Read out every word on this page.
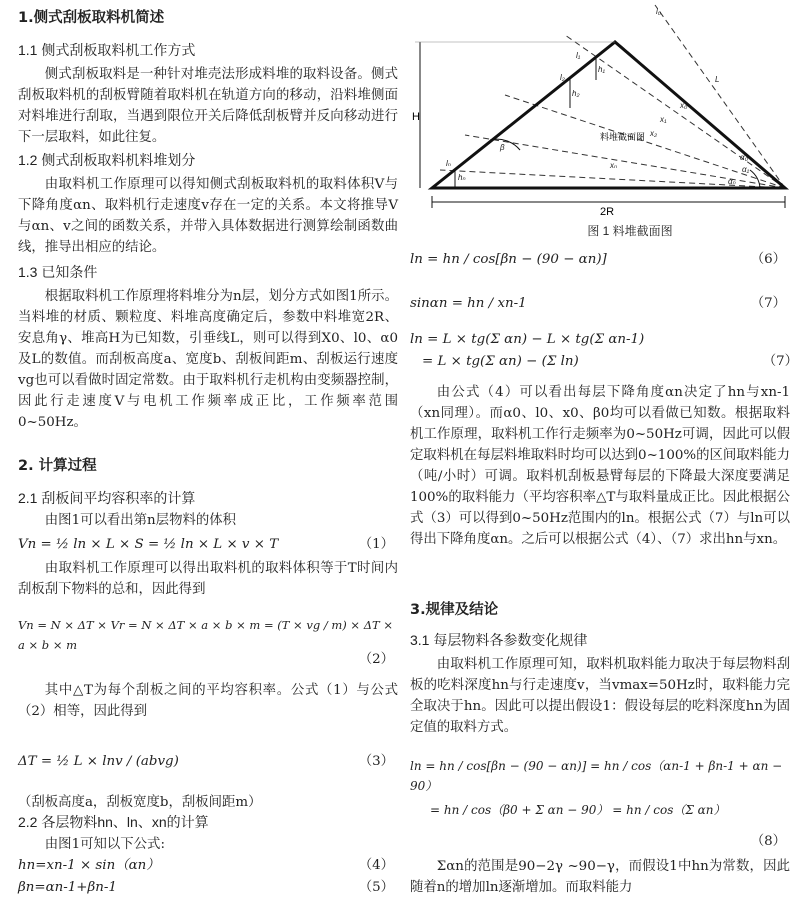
1.侧式刮板取料机简述
1.1 侧式刮板取料机工作方式
侧式刮板取料是一种针对堆売法形成料堆的取料设备。侧式刮板取料机的刮板臂随着取料机在轨道方向的移动，沿料堆侧面对料堆进行刮取，当遇到限位开关后降低刮板臂并反向移动进行下一层取料，如此往复。
1.2 侧式刮板取料机料堆划分
由取料机工作原理可以得知侧式刮板取料机的取料体积V与下降角度αn、取料机行走速度v存在一定的关系。本文将推导V与αn、v之间的函数关系，并带入具体数据进行测算绘制函数曲线，推导出相应的结论。
1.3 已知条件
根据取料机工作原理将料堆分为n层，划分方式如图1所示。当料堆的材质、颗粒度、料堆高度确定后，参数中料堆宽2R、安息角γ、堆高H为已知数，引垂线L，则可以得到X0、l0、α0及L的数值。而刮板高度a、宽度b、刮板间距m、刮板运行速度vg也可以看做时固定常数。由于取料机行走机构由变频器控制，因此行走速度V与电机工作频率成正比，工作频率范围0~50Hz。
2. 计算过程
2.1 刮板间平均容积率的计算
由图1可以看出第n层物料的体积
Vn = ½ ln × L × S = ½ ln × L × v × T	（1）
由取料机工作原理可以得出取料机的取料体积等于T时间内刮板刮下物料的总和，因此得到
Vn = N × ΔT × Vr = N × ΔT × a × b × m = (T × vg / m) × ΔT × a × b × m
（2）
其中△T为每个刮板之间的平均容积率。公式（1）与公式（2）相等，因此得到
ΔT = ½ L × lnv / (abvg)	（3）
（刮板高度a，刮板宽度b，刮板间距m）
2.2 各层物料hn、ln、xn的计算
由图1可知以下公式:
hn=xn-1 × sin（αn）	（4）
βn=αn-1+βn-1	（5）
2R
H
l₀
l₁
l₂
h₁
h₂
lₙ
hₙ
β
L
x₀
x₁
x₂
xₙ
α₀
α₁
αₙ
料堆截面图
图 1 料堆截面图
ln = hn / cos[βn − (90 − αn)]	（6）
sinαn = hn / xn-1	（7）
ln = L × tg(Σ αn) − L × tg(Σ αn-1)
= L × tg(Σ αn) − (Σ ln)	（7）
由公式（4）可以看出每层下降角度αn决定了hn与xn-1（xn同理）。而α0、l0、x0、β0均可以看做已知数。根据取料机工作原理，取料机工作行走频率为0~50Hz可调，因此可以假定取料机在每层料堆取料时均可以达到0~100%的区间取料能力（吨/小时）可调。取料机刮板悬臂每层的下降最大深度要满足100%的取料能力（平均容积率△T与取料量成正比。因此根据公式（3）可以得到0~50Hz范围内的ln。根据公式（7）与ln可以得出下降角度αn。之后可以根据公式（4）、（7）求出hn与xn。
3.规律及结论
3.1 每层物料各参数变化规律
由取料机工作原理可知，取料机取料能力取决于每层物料刮板的吃料深度hn与行走速度v，当vmax=50Hz时，取料能力完全取决于hn。因此可以提出假设1：假设每层的吃料深度hn为固定值的取料方式。
ln = hn / cos[βn − (90 − αn)] = hn / cos（αn-1 + βn-1 + αn − 90）
= hn / cos（β0 + Σ αn − 90） = hn / cos（Σ αn）
（8）
Σαn的范围是90−2γ ~90−γ，而假设1中hn为常数，因此随着n的增加ln逐渐增加。而取料能力
